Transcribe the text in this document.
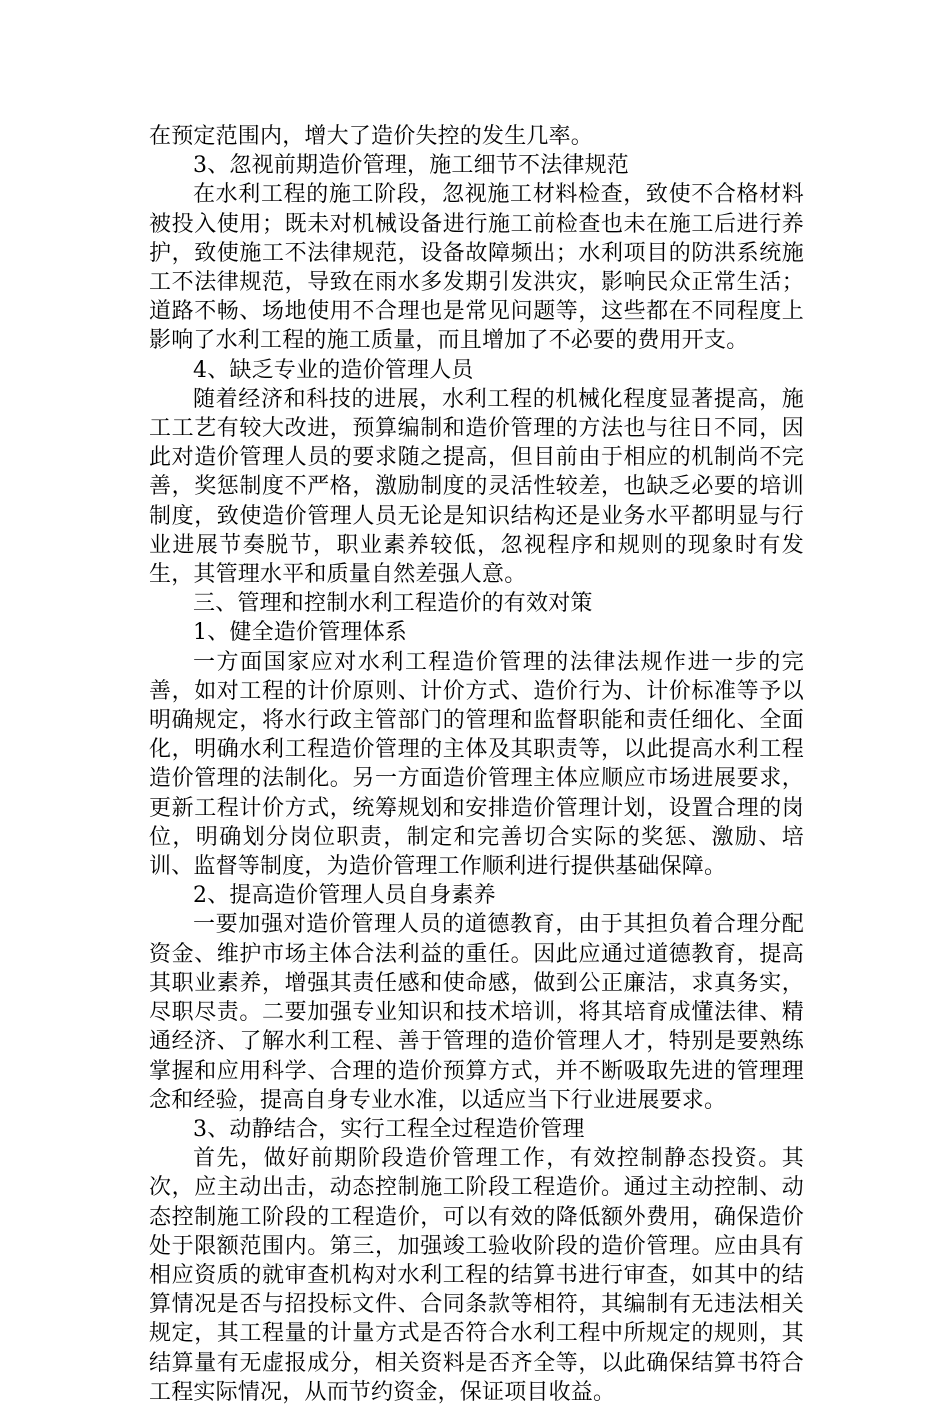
在预定范围内，增大了造价失控的发生几率。

3、忽视前期造价管理，施工细节不法律规范

在水利工程的施工阶段，忽视施工材料检查，致使不合格材料被投入使用；既未对机械设备进行施工前检查也未在施工后进行养护，致使施工不法律规范，设备故障频出；水利项目的防洪系统施工不法律规范，导致在雨水多发期引发洪灾，影响民众正常生活；道路不畅、场地使用不合理也是常见问题等，这些都在不同程度上影响了水利工程的施工质量，而且增加了不必要的费用开支。

4、缺乏专业的造价管理人员

随着经济和科技的进展，水利工程的机械化程度显著提高，施工工艺有较大改进，预算编制和造价管理的方法也与往日不同，因此对造价管理人员的要求随之提高，但目前由于相应的机制尚不完善，奖惩制度不严格，激励制度的灵活性较差，也缺乏必要的培训制度，致使造价管理人员无论是知识结构还是业务水平都明显与行业进展节奏脱节，职业素养较低，忽视程序和规则的现象时有发生，其管理水平和质量自然差强人意。

三、管理和控制水利工程造价的有效对策

1、健全造价管理体系

一方面国家应对水利工程造价管理的法律法规作进一步的完善，如对工程的计价原则、计价方式、造价行为、计价标准等予以明确规定，将水行政主管部门的管理和监督职能和责任细化、全面化，明确水利工程造价管理的主体及其职责等，以此提高水利工程造价管理的法制化。另一方面造价管理主体应顺应市场进展要求，更新工程计价方式，统筹规划和安排造价管理计划，设置合理的岗位，明确划分岗位职责，制定和完善切合实际的奖惩、激励、培训、监督等制度，为造价管理工作顺利进行提供基础保障。

2、提高造价管理人员自身素养

一要加强对造价管理人员的道德教育，由于其担负着合理分配资金、维护市场主体合法利益的重任。因此应通过道德教育，提高其职业素养，增强其责任感和使命感，做到公正廉洁，求真务实，尽职尽责。二要加强专业知识和技术培训，将其培育成懂法律、精通经济、了解水利工程、善于管理的造价管理人才，特别是要熟练掌握和应用科学、合理的造价预算方式，并不断吸取先进的管理理念和经验，提高自身专业水准，以适应当下行业进展要求。

3、动静结合，实行工程全过程造价管理

首先，做好前期阶段造价管理工作，有效控制静态投资。其次，应主动出击，动态控制施工阶段工程造价。通过主动控制、动态控制施工阶段的工程造价，可以有效的降低额外费用，确保造价处于限额范围内。第三，加强竣工验收阶段的造价管理。应由具有相应资质的就审查机构对水利工程的结算书进行审查，如其中的结算情况是否与招投标文件、合同条款等相符，其编制有无违法相关规定，其工程量的计量方式是否符合水利工程中所规定的规则，其结算量有无虚报成分，相关资料是否齐全等，以此确保结算书符合工程实际情况，从而节约资金，保证项目收益。
